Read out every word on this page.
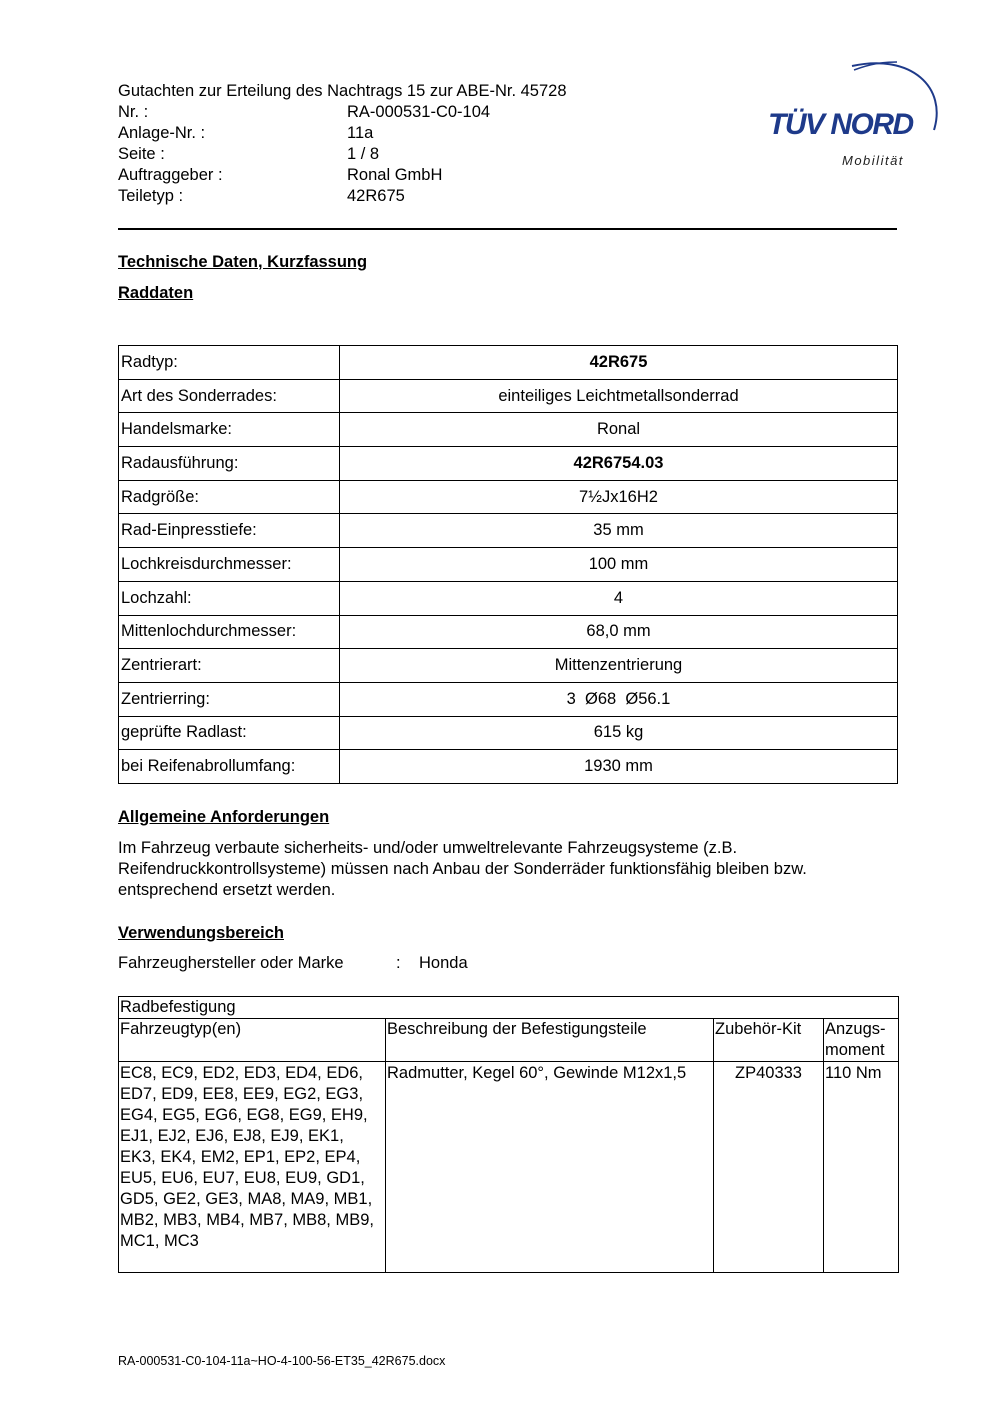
Gutachten zur Erteilung des Nachtrags 15 zur ABE-Nr. 45728
Nr. :	RA-000531-C0-104
Anlage-Nr. :	11a
Seite :	1 / 8
Auftraggeber :	Ronal GmbH
Teiletyp :	42R675
TÜV NORD
Mobilität
Technische Daten, Kurzfassung
Raddaten
Radtyp:	42R675
Art des Sonderrades:	einteiliges Leichtmetallsonderrad
Handelsmarke:	Ronal
Radausführung:	42R6754.03
Radgröße:	7½Jx16H2
Rad-Einpresstiefe:	35 mm
Lochkreisdurchmesser:	100 mm
Lochzahl:	4
Mittenlochdurchmesser:	68,0 mm
Zentrierart:	Mittenzentrierung
Zentrierring:	3  Ø68  Ø56.1
geprüfte Radlast:	615 kg
bei Reifenabrollumfang:	1930 mm
Allgemeine Anforderungen
Im Fahrzeug verbaute sicherheits- und/oder umweltrelevante Fahrzeugsysteme (z.B. Reifendruckkontrollsysteme) müssen nach Anbau der Sonderräder funktionsfähig bleiben bzw. entsprechend ersetzt werden.
Verwendungsbereich
Fahrzeughersteller oder Marke	: Honda
Radbefestigung			
Fahrzeugtyp(en)	Beschreibung der Befestigungsteile	Zubehör-Kit	Anzugs-moment
EC8, EC9, ED2, ED3, ED4, ED6, ED7, ED9, EE8, EE9, EG2, EG3, EG4, EG5, EG6, EG8, EG9, EH9, EJ1, EJ2, EJ6, EJ8, EJ9, EK1, EK3, EK4, EM2, EP1, EP2, EP4, EU5, EU6, EU7, EU8, EU9, GD1, GD5, GE2, GE3, MA8, MA9, MB1, MB2, MB3, MB4, MB7, MB8, MB9, MC1, MC3	Radmutter, Kegel 60°, Gewinde M12x1,5	ZP40333	110 Nm
RA-000531-C0-104-11a~HO-4-100-56-ET35_42R675.docx
